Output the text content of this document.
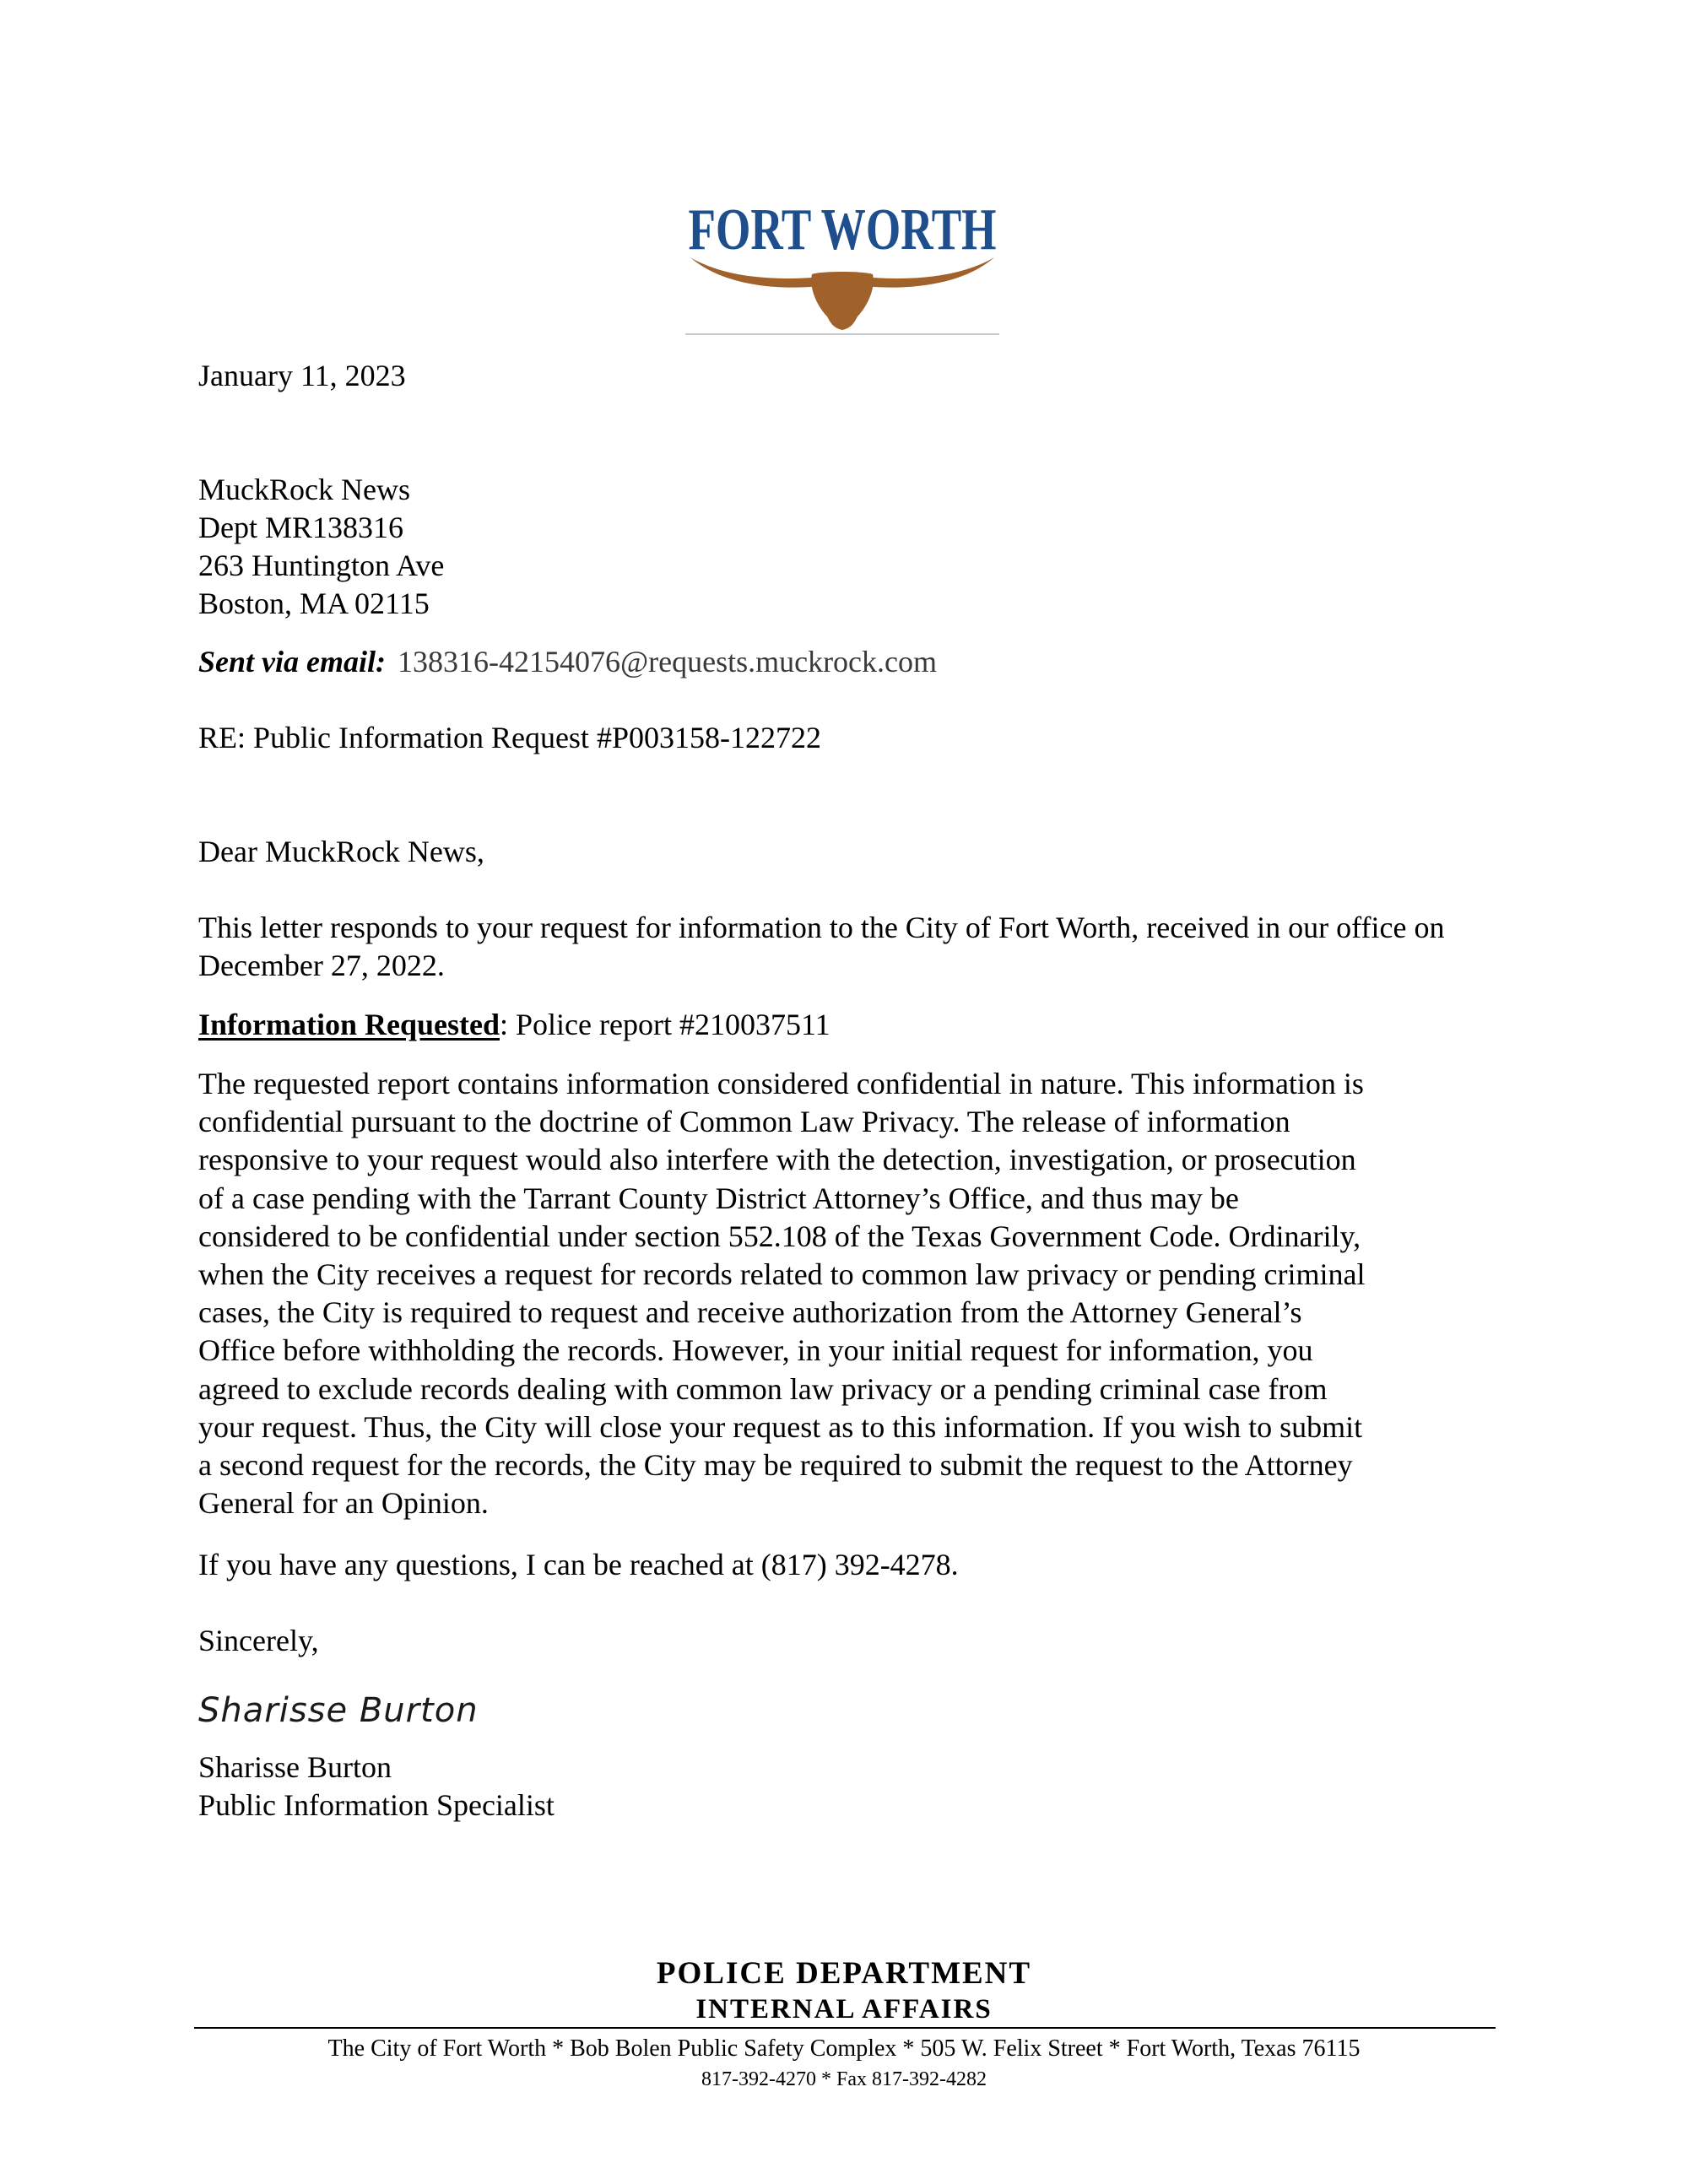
FORT WORTH
January 11, 2023
MuckRock News
Dept MR138316
263 Huntington Ave
Boston, MA 02115
Sent via email: 138316-42154076@requests.muckrock.com
RE: Public Information Request #P003158-122722
Dear MuckRock News,
This letter responds to your request for information to the City of Fort Worth, received in our office on December 27, 2022.
Information Requested: Police report #210037511
The requested report contains information considered confidential in nature. This information is
confidential pursuant to the doctrine of Common Law Privacy. The release of information
responsive to your request would also interfere with the detection, investigation, or prosecution
of a case pending with the Tarrant County District Attorney’s Office, and thus may be
considered to be confidential under section 552.108 of the Texas Government Code. Ordinarily,
when the City receives a request for records related to common law privacy or pending criminal
cases, the City is required to request and receive authorization from the Attorney General’s
Office before withholding the records. However, in your initial request for information, you
agreed to exclude records dealing with common law privacy or a pending criminal case from
your request. Thus, the City will close your request as to this information. If you wish to submit
a second request for the records, the City may be required to submit the request to the Attorney
General for an Opinion.
If you have any questions, I can be reached at (817) 392-4278.
Sincerely,
Sharisse Burton
Sharisse Burton
Public Information Specialist
POLICE DEPARTMENT
INTERNAL AFFAIRS
The City of Fort Worth * Bob Bolen Public Safety Complex * 505 W. Felix Street * Fort Worth, Texas 76115
817-392-4270 * Fax 817-392-4282
